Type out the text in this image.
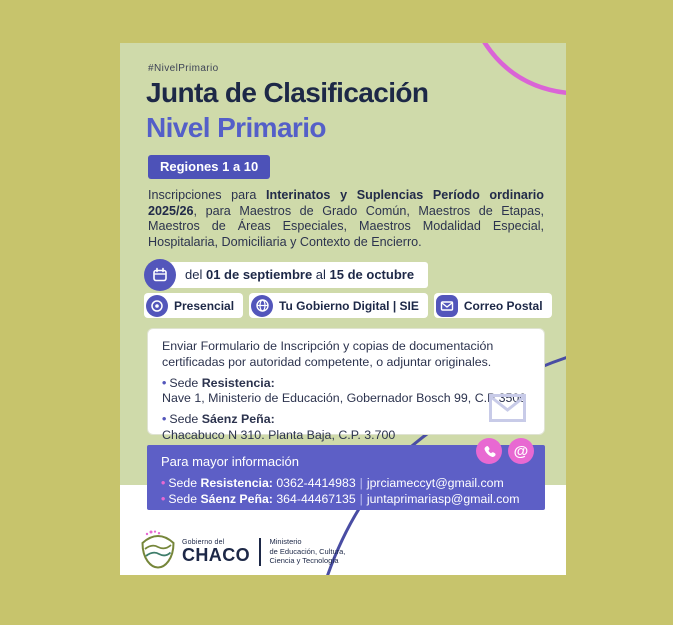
#NivelPrimario
Junta de Clasificación
Nivel Primario
Regiones 1 a 10
Inscripciones para Interinatos y Suplencias Período ordinario 2025/26, para Maestros de Grado Común, Maestros de Etapas, Maestros de Áreas Especiales, Maestros Modalidad Especial, Hospitalaria, Domiciliaria y Contexto de Encierro.
del 01 de septiembre al 15 de octubre
Presencial	Tu Gobierno Digital | SIE	Correo Postal
Enviar Formulario de Inscripción y copias de documentación certificadas por autoridad competente, o adjuntar originales.
• Sede Resistencia:
Nave 1, Ministerio de Educación, Gobernador Bosch 99, C.P 3500
• Sede Sáenz Peña:
Chacabuco N 310. Planta Baja, C.P. 3.700
Para mayor información
• Sede Resistencia: 0362-4414983 | jprciameccyt@gmail.com
• Sede Sáenz Peña: 364-44467135 | juntaprimariasp@gmail.com
@
Gobierno del
CHACO
Ministerio
de Educación, Cultura,
Ciencia y Tecnología
